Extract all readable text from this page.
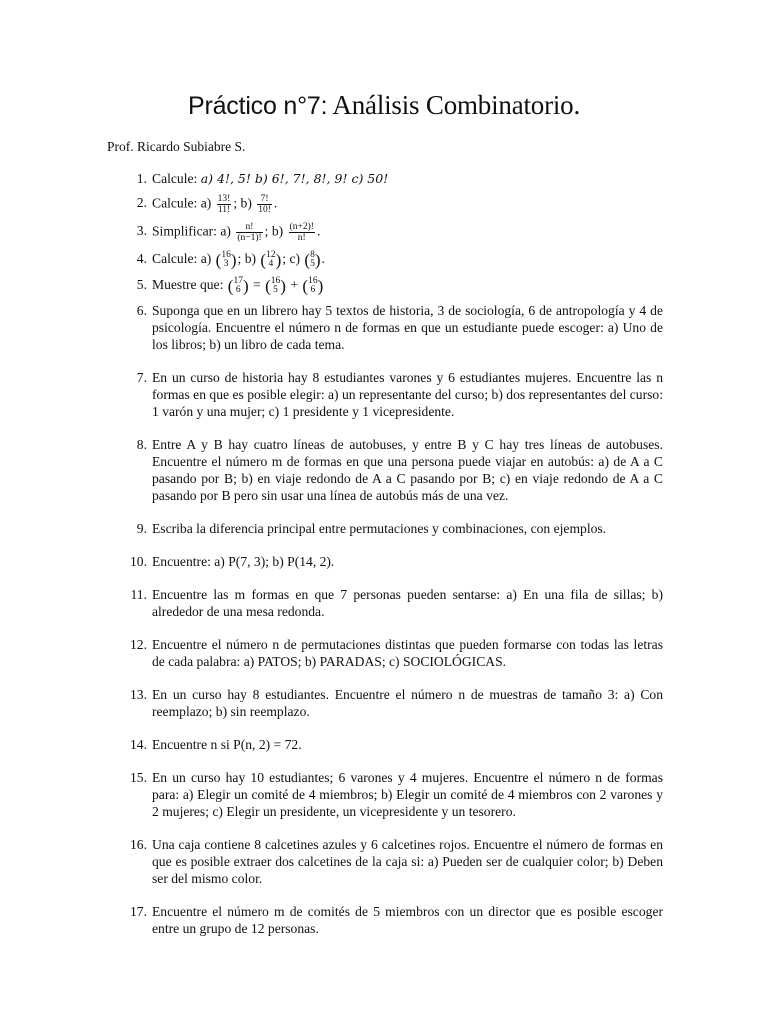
Práctico n°7: Análisis Combinatorio.
Prof. Ricardo Subiabre S.
1. Calcule: a) 4!, 5! b) 6!, 7!, 8!, 9! c) 50!
2. Calcule: $a) \frac{13!}{11!}$ ; $b) \frac{7!}{10!}$ .
3. Simplificar: $a) \frac{n!}{(n-1)!}$ ; $b) \frac{(n+2)!}{n!}$ .
4. Calcule: a) ( 16
3 ); b) ( 12
4 ); c) ( 8
5 ).
5. Muestre que: ( 17
6 ) = ( 16
5 ) + ( 16
6 )
6. Suponga que en un librero hay 5 textos de historia, 3 de sociología, 6 de antropología y 4 de psicología. Encuentre el número n de formas en que un estudiante puede escoger: a) Uno de los libros; b) un libro de cada tema.
7. En un curso de historia hay 8 estudiantes varones y 6 estudiantes mujeres. Encuentre las n formas en que es posible elegir: a) un representante del curso; b) dos representantes del curso: 1 varón y una mujer; c) 1 presidente y 1 vicepresidente.
8. Entre A y B hay cuatro líneas de autobuses, y entre B y C hay tres líneas de autobuses. Encuentre el número m de formas en que una persona puede viajar en autobús: a) de A a C pasando por B; b) en viaje redondo de A a C pasando por B; c) en viaje redondo de A a C pasando por B pero sin usar una línea de autobús más de una vez.
9. Escriba la diferencia principal entre permutaciones y combinaciones, con ejemplos.
10. Encuentre: a) P(7, 3); b) P(14, 2).
11. Encuentre las m formas en que 7 personas pueden sentarse: a) En una fila de sillas; b) alrededor de una mesa redonda.
12. Encuentre el número n de permutaciones distintas que pueden formarse con todas las letras de cada palabra: a) PATOS; b) PARADAS; c) SOCIOLÓGICAS.
13. En un curso hay 8 estudiantes. Encuentre el número n de muestras de tamaño 3: a) Con reemplazo; b) sin reemplazo.
14. Encuentre n si P(n, 2) = 72.
15. En un curso hay 10 estudiantes; 6 varones y 4 mujeres. Encuentre el número n de formas para: a) Elegir un comité de 4 miembros; b) Elegir un comité de 4 miembros con 2 varones y 2 mujeres; c) Elegir un presidente, un vicepresidente y un tesorero.
16. Una caja contiene 8 calcetines azules y 6 calcetines rojos. Encuentre el número de formas en que es posible extraer dos calcetines de la caja si: a) Pueden ser de cualquier color; b) Deben ser del mismo color.
17. Encuentre el número m de comités de 5 miembros con un director que es posible escoger entre un grupo de 12 personas.
